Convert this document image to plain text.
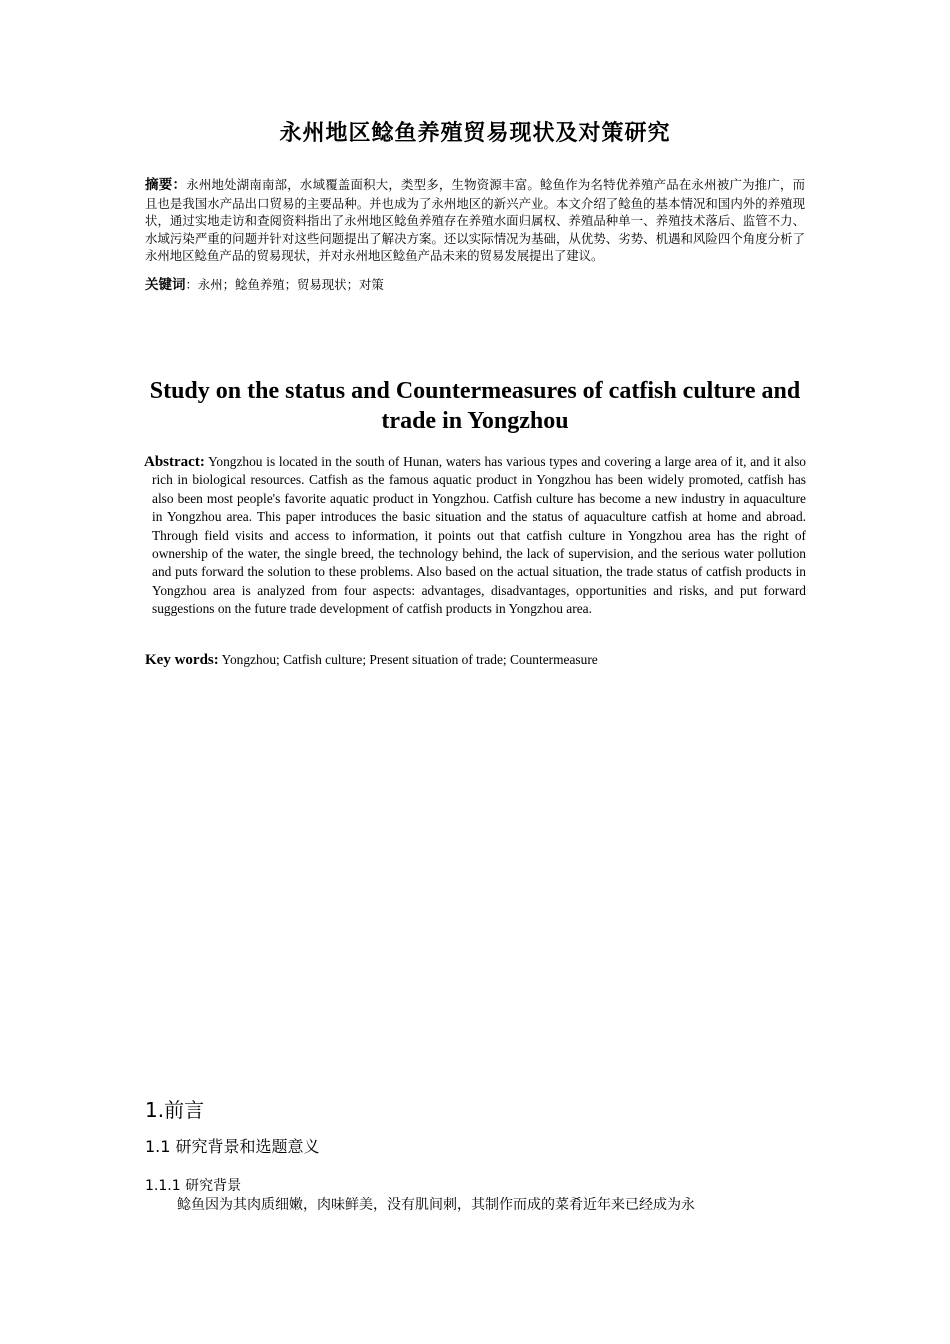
永州地区鲶鱼养殖贸易现状及对策研究
摘要：永州地处湖南南部，水域覆盖面积大，类型多，生物资源丰富。鲶鱼作为名特优养殖产品在永州被广为推广，而且也是我国水产品出口贸易的主要品种。并也成为了永州地区的新兴产业。本文介绍了鲶鱼的基本情况和国内外的养殖现状，通过实地走访和查阅资料指出了永州地区鲶鱼养殖存在养殖水面归属权、养殖品种单一、养殖技术落后、监管不力、水域污染严重的问题并针对这些问题提出了解决方案。还以实际情况为基础，从优势、劣势、机遇和风险四个角度分析了永州地区鲶鱼产品的贸易现状，并对永州地区鲶鱼产品未来的贸易发展提出了建议。
关键词：永州；鲶鱼养殖；贸易现状；对策
Study on the status and Countermeasures of catfish culture and trade in Yongzhou
Abstract: Yongzhou is located in the south of Hunan, waters has various types and covering a large area of it, and it also rich in biological resources. Catfish as the famous aquatic product in Yongzhou has been widely promoted, catfish has also been most people's favorite aquatic product in Yongzhou. Catfish culture has become a new industry in aquaculture in Yongzhou area. This paper introduces the basic situation and the status of aquaculture catfish at home and abroad. Through field visits and access to information, it points out that catfish culture in Yongzhou area has the right of ownership of the water, the single breed, the technology behind, the lack of supervision, and the serious water pollution and puts forward the solution to these problems. Also based on the actual situation, the trade status of catfish products in Yongzhou area is analyzed from four aspects: advantages, disadvantages, opportunities and risks, and put forward suggestions on the future trade development of catfish products in Yongzhou area.
Key words: Yongzhou; Catfish culture; Present situation of trade; Countermeasure
1.前言
1.1 研究背景和选题意义
1.1.1 研究背景
鲶鱼因为其肉质细嫩，肉味鲜美，没有肌间刺，其制作而成的菜肴近年来已经成为永
